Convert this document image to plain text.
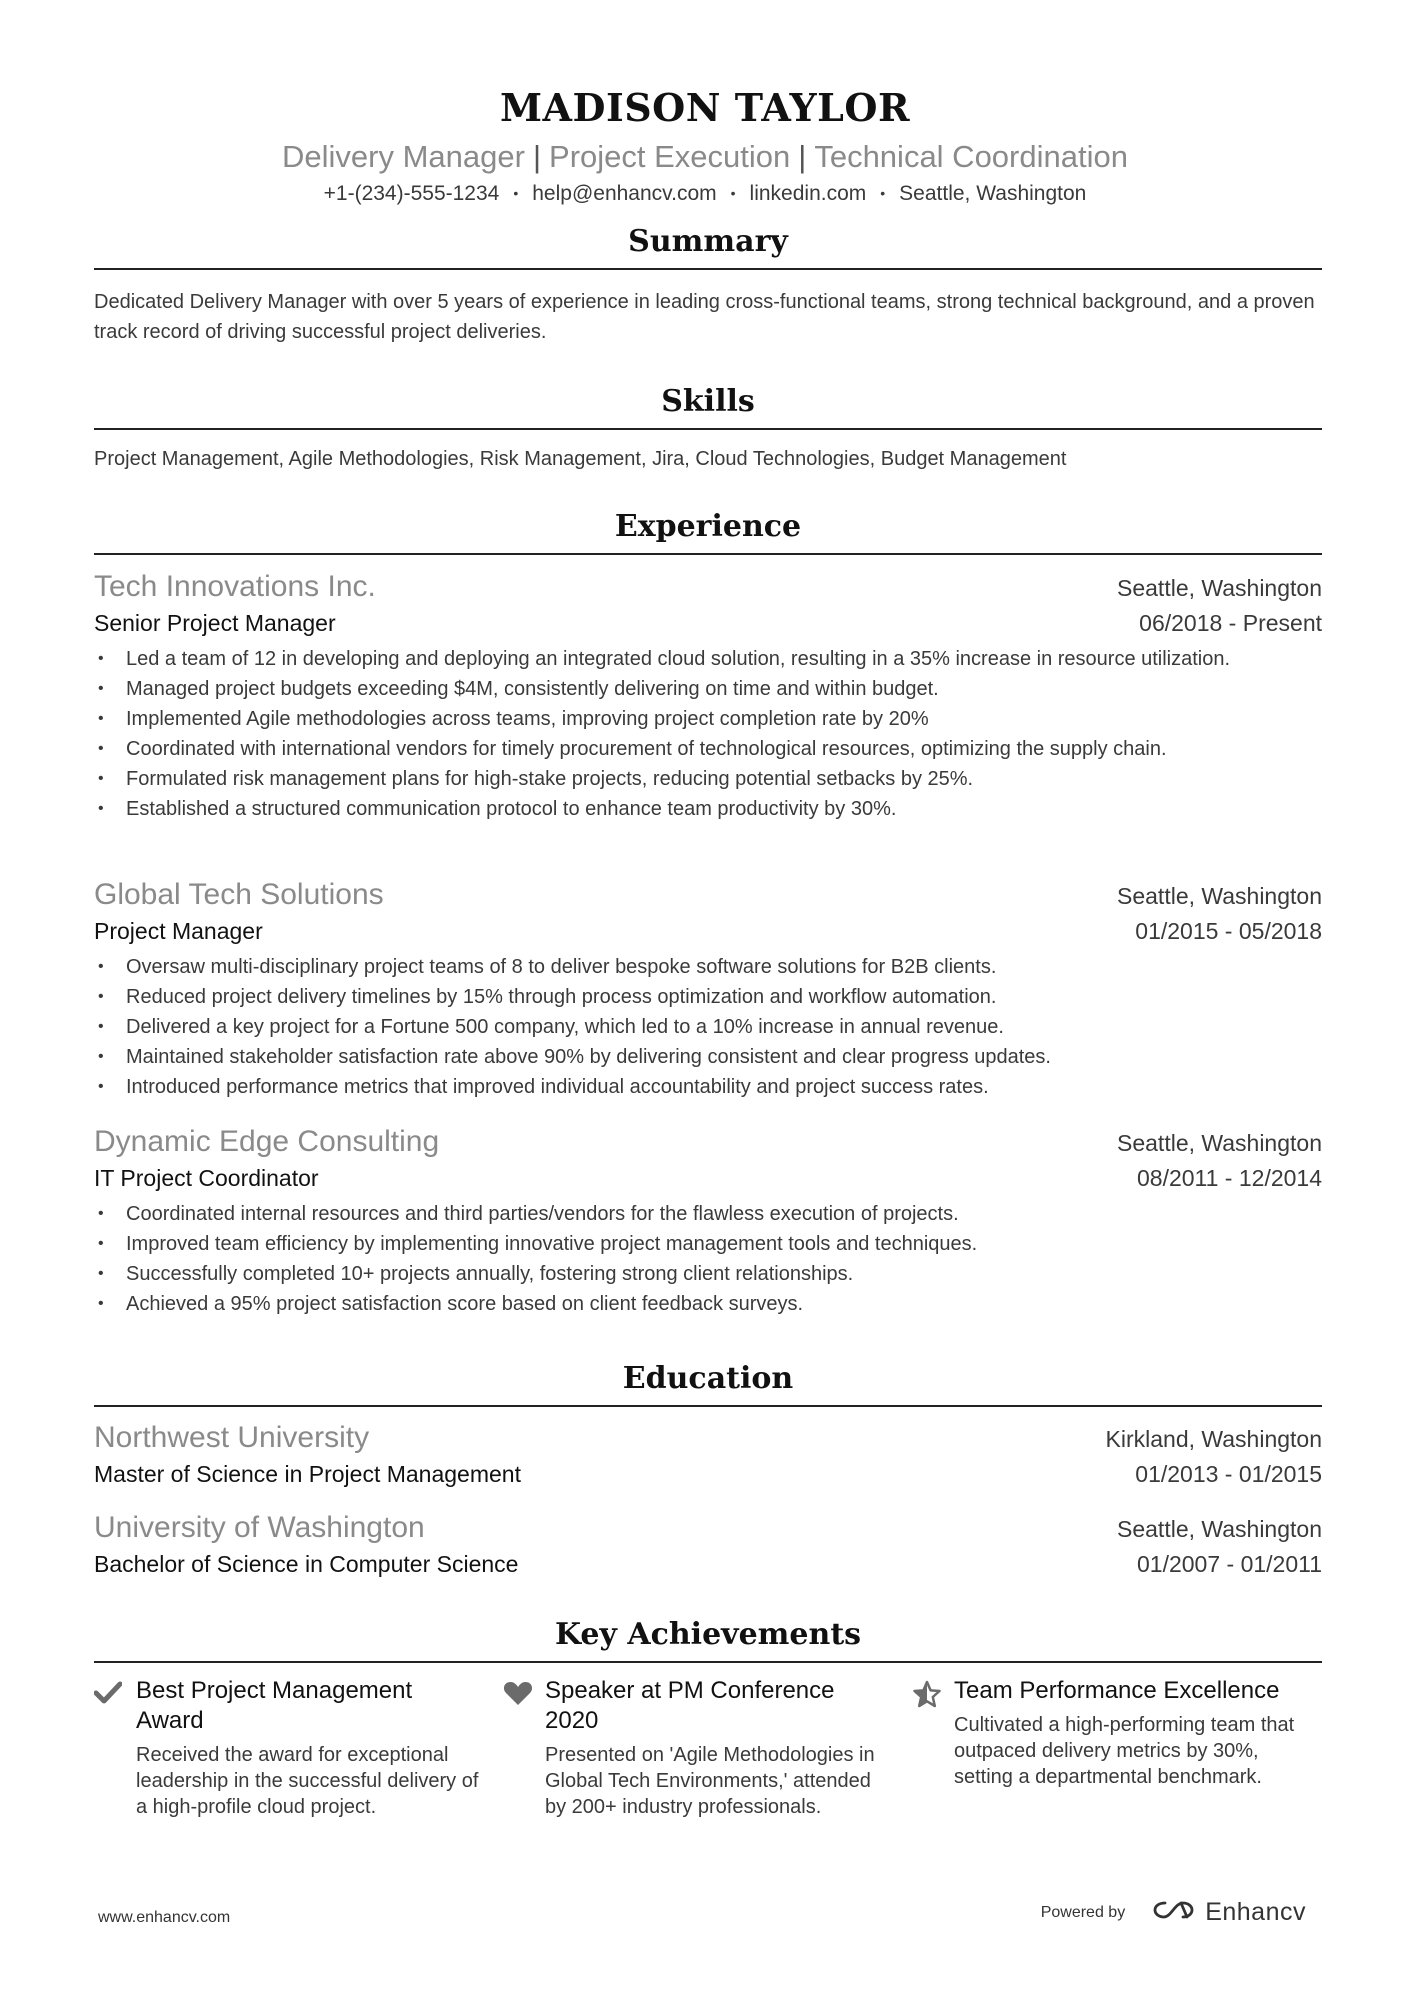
MADISON TAYLOR
Delivery Manager | Project Execution | Technical Coordination
+1-(234)-555-1234 • help@enhancv.com • linkedin.com • Seattle, Washington
Summary
Dedicated Delivery Manager with over 5 years of experience in leading cross-functional teams, strong technical background, and a proven track record of driving successful project deliveries.
Skills
Project Management, Agile Methodologies, Risk Management, Jira, Cloud Technologies, Budget Management
Experience
Tech Innovations Inc.	Seattle, Washington
Senior Project Manager	06/2018 - Present
• Led a team of 12 in developing and deploying an integrated cloud solution, resulting in a 35% increase in resource utilization.
• Managed project budgets exceeding $4M, consistently delivering on time and within budget.
• Implemented Agile methodologies across teams, improving project completion rate by 20%
• Coordinated with international vendors for timely procurement of technological resources, optimizing the supply chain.
• Formulated risk management plans for high-stake projects, reducing potential setbacks by 25%.
• Established a structured communication protocol to enhance team productivity by 30%.
Global Tech Solutions	Seattle, Washington
Project Manager	01/2015 - 05/2018
• Oversaw multi-disciplinary project teams of 8 to deliver bespoke software solutions for B2B clients.
• Reduced project delivery timelines by 15% through process optimization and workflow automation.
• Delivered a key project for a Fortune 500 company, which led to a 10% increase in annual revenue.
• Maintained stakeholder satisfaction rate above 90% by delivering consistent and clear progress updates.
• Introduced performance metrics that improved individual accountability and project success rates.
Dynamic Edge Consulting	Seattle, Washington
IT Project Coordinator	08/2011 - 12/2014
• Coordinated internal resources and third parties/vendors for the flawless execution of projects.
• Improved team efficiency by implementing innovative project management tools and techniques.
• Successfully completed 10+ projects annually, fostering strong client relationships.
• Achieved a 95% project satisfaction score based on client feedback surveys.
Education
Northwest University	Kirkland, Washington
Master of Science in Project Management	01/2013 - 01/2015
University of Washington	Seattle, Washington
Bachelor of Science in Computer Science	01/2007 - 01/2011
Key Achievements
Best Project Management Award
Received the award for exceptional leadership in the successful delivery of a high-profile cloud project.
Speaker at PM Conference 2020
Presented on 'Agile Methodologies in Global Tech Environments,' attended by 200+ industry professionals.
Team Performance Excellence
Cultivated a high-performing team that outpaced delivery metrics by 30%, setting a departmental benchmark.
www.enhancv.com	Powered by	Enhancv
